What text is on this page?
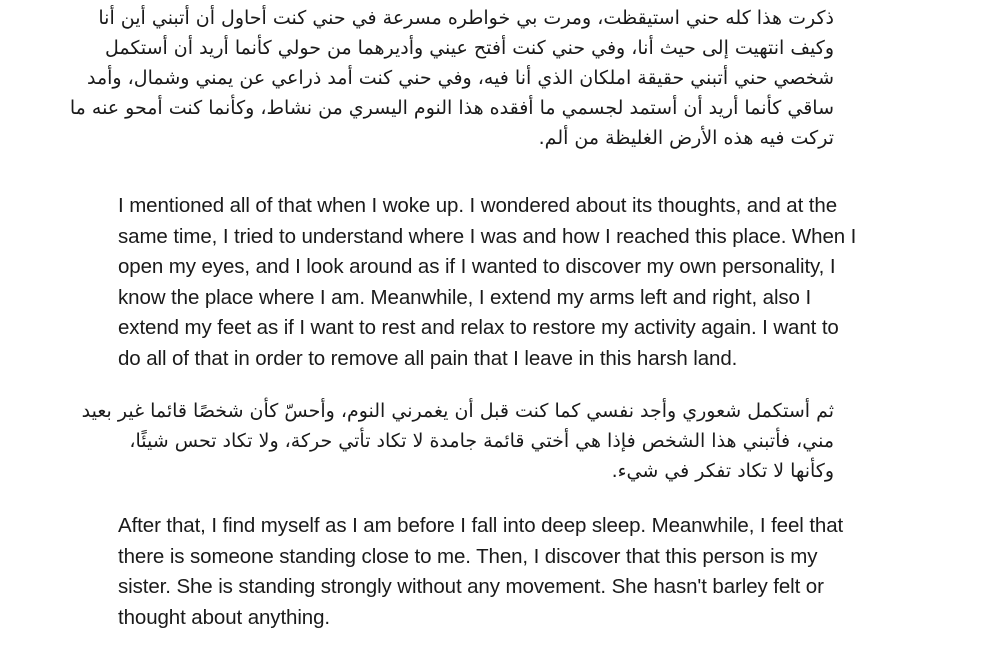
ذكرت هذا كله حني استيقظت، ومرت بي خواطره مسرعة في حني كنت أحاول أن أتبني أين أنا
وكيف انتهيت إلى حيث أنا، وفي حني كنت أفتح عيني وأديرهما من حولي كأنما أريد أن أستكمل
شخصي حني أتبني حقيقة املكان الذي أنا فيه، وفي حني كنت أمد ذراعي عن يمني وشمال، وأمد
ساقي كأنما أريد أن أستمد لجسمي ما أفقده هذا النوم اليسري من نشاط، وكأنما كنت أمحو عنه ما
تركت فيه هذه الأرض الغليظة من ألم.
I mentioned all of that when I woke up. I wondered about its thoughts, and at the
same time, I tried to understand where I was and how I reached this place. When I
open my eyes, and I look around as if I wanted to discover my own personality, I
know the place where I am. Meanwhile, I extend my arms left and right, also I
extend my feet as if I want to rest and relax to restore my activity again. I want to
do all of that in order to remove all pain that I leave in this harsh land.
ثم أستكمل شعوري وأجد نفسي كما كنت قبل أن يغمرني النوم، وأحسّ كأن شخصًا قائما غير بعيد
مني، فأتبني هذا الشخص فإذا هي أختي قائمة جامدة لا تكاد تأتي حركة، ولا تكاد تحس شيئًا،
وكأنها لا تكاد تفكر في شيء.
After that, I find myself as I am before I fall into deep sleep. Meanwhile, I feel that
there is someone standing close to me. Then, I discover that this person is my
sister. She is standing strongly without any movement. She hasn't barley felt or
thought about anything.
